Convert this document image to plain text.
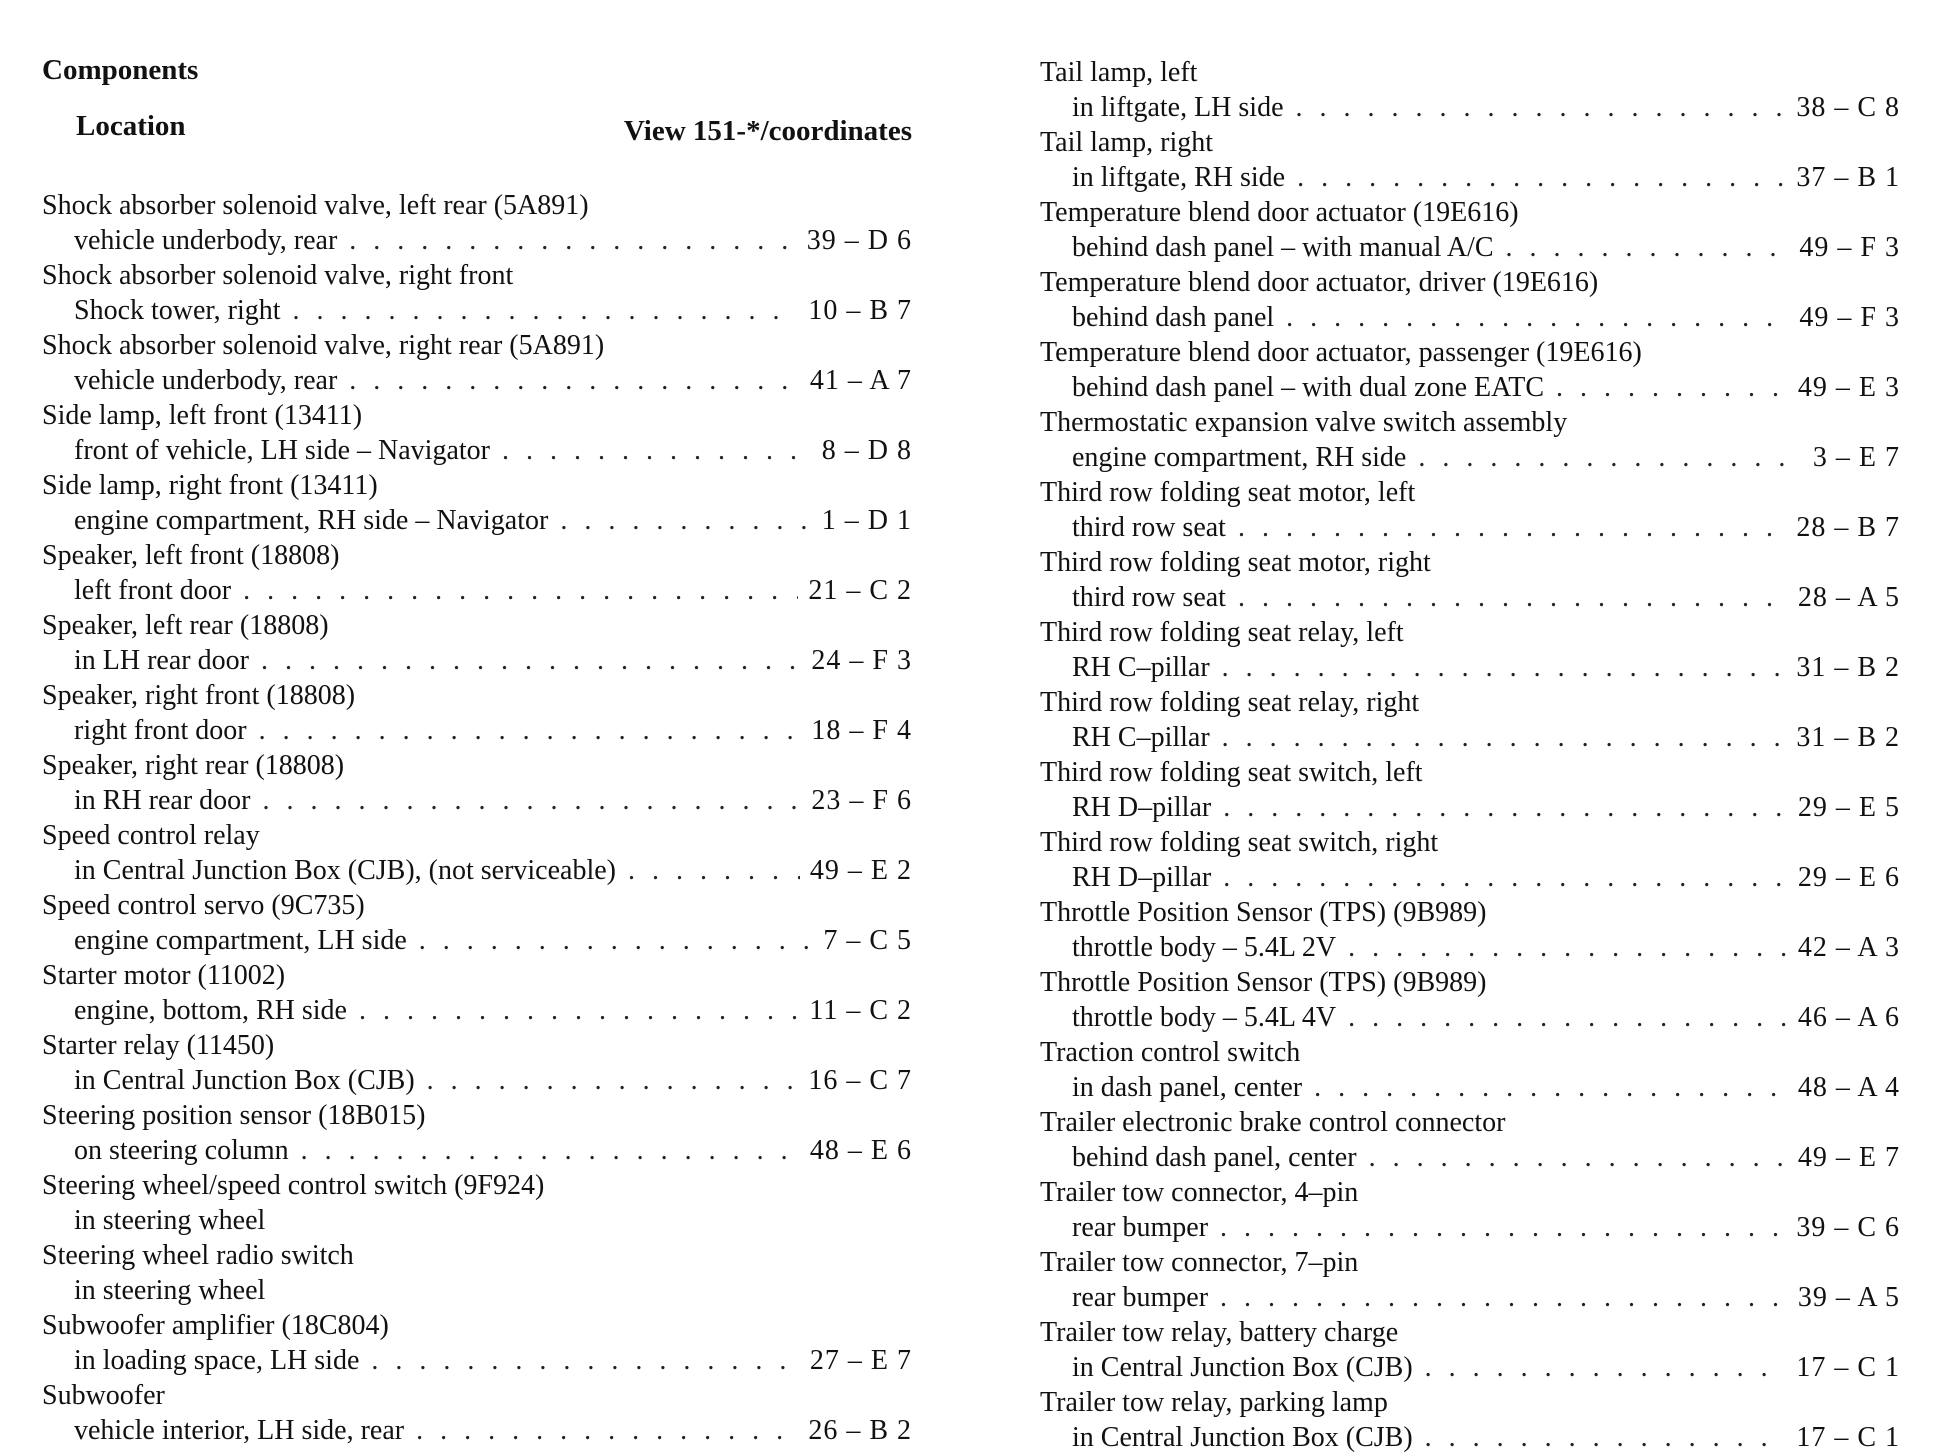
Components
Location	View 151-*/coordinates
Shock absorber solenoid valve, left rear (5A891)
vehicle underbody, rear . . .	39 – D 6
Shock absorber solenoid valve, right front
Shock tower, right . . .	10 – B 7
Shock absorber solenoid valve, right rear (5A891)
vehicle underbody, rear . . .	41 – A 7
Side lamp, left front (13411)
front of vehicle, LH side – Navigator . . .	8 – D 8
Side lamp, right front (13411)
engine compartment, RH side – Navigator . . .	1 – D 1
Speaker, left front (18808)
left front door . . .	21 – C 2
Speaker, left rear (18808)
in LH rear door . . .	24 – F 3
Speaker, right front (18808)
right front door . . .	18 – F 4
Speaker, right rear (18808)
in RH rear door . . .	23 – F 6
Speed control relay
in Central Junction Box (CJB), (not serviceable) . . .	49 – E 2
Speed control servo (9C735)
engine compartment, LH side . . .	7 – C 5
Starter motor (11002)
engine, bottom, RH side . . .	11 – C 2
Starter relay (11450)
in Central Junction Box (CJB) . . .	16 – C 7
Steering position sensor (18B015)
on steering column . . .	48 – E 6
Steering wheel/speed control switch (9F924)
in steering wheel
Steering wheel radio switch
in steering wheel
Subwoofer amplifier (18C804)
in loading space, LH side . . .	27 – E 7
Subwoofer
vehicle interior, LH side, rear . . .	26 – B 2
Tail lamp, left
in liftgate, LH side . . .	38 – C 8
Tail lamp, right
in liftgate, RH side . . .	37 – B 1
Temperature blend door actuator (19E616)
behind dash panel – with manual A/C . . .	49 – F 3
Temperature blend door actuator, driver (19E616)
behind dash panel . . .	49 – F 3
Temperature blend door actuator, passenger (19E616)
behind dash panel – with dual zone EATC . . .	49 – E 3
Thermostatic expansion valve switch assembly
engine compartment, RH side . . .	3 – E 7
Third row folding seat motor, left
third row seat . . .	28 – B 7
Third row folding seat motor, right
third row seat . . .	28 – A 5
Third row folding seat relay, left
RH C–pillar . . .	31 – B 2
Third row folding seat relay, right
RH C–pillar . . .	31 – B 2
Third row folding seat switch, left
RH D–pillar . . .	29 – E 5
Third row folding seat switch, right
RH D–pillar . . .	29 – E 6
Throttle Position Sensor (TPS) (9B989)
throttle body – 5.4L 2V . . .	42 – A 3
Throttle Position Sensor (TPS) (9B989)
throttle body – 5.4L 4V . . .	46 – A 6
Traction control switch
in dash panel, center . . .	48 – A 4
Trailer electronic brake control connector
behind dash panel, center . . .	49 – E 7
Trailer tow connector, 4–pin
rear bumper . . .	39 – C 6
Trailer tow connector, 7–pin
rear bumper . . .	39 – A 5
Trailer tow relay, battery charge
in Central Junction Box (CJB) . . .	17 – C 1
Trailer tow relay, parking lamp
in Central Junction Box (CJB) . . .	17 – C 1
